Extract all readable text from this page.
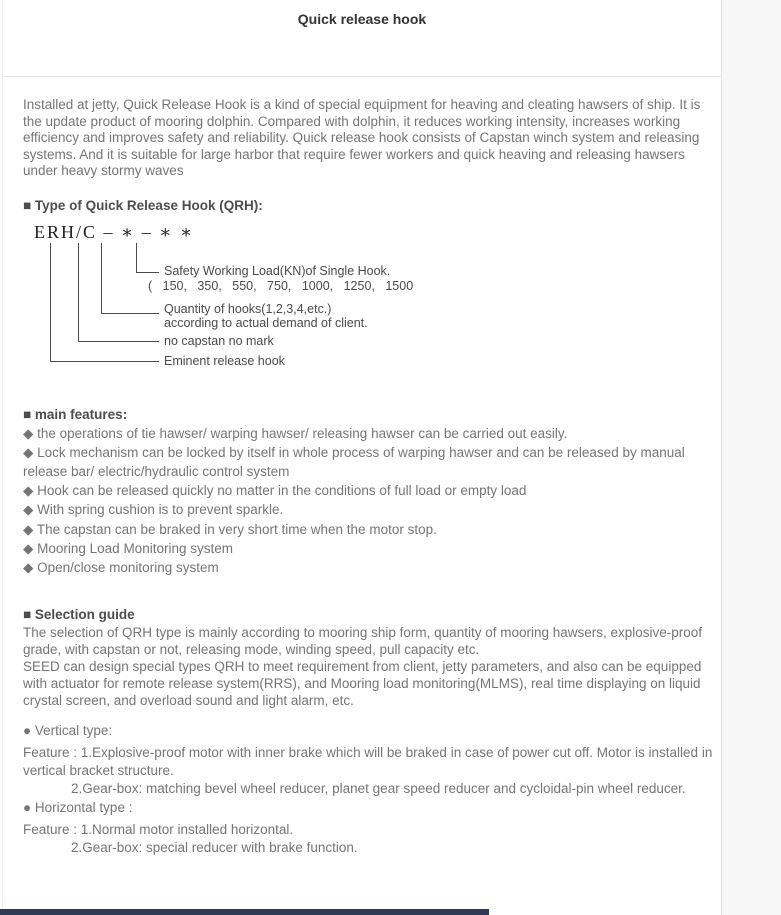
Quick release hook

Installed at jetty, Quick Release Hook is a kind of special equipment for heaving and cleating hawsers of ship. It is the update product of mooring dolphin. Compared with dolphin, it reduces working intensity, increases working efficiency and improves safety and reliability. Quick release hook consists of Capstan winch system and releasing systems. And it is suitable for large harbor that require fewer workers and quick heaving and releasing hawsers under heavy stormy waves

■ Type of Quick Release Hook (QRH):
ERH/C – ∗ – ∗ ∗
Safety Working Load(KN)of Single Hook.
( 150, 350, 550, 750, 1000, 1250, 1500
Quantity of hooks(1,2,3,4,etc.)
according to actual demand of client.
no capstan no mark
Eminent release hook
■ main features:

◆ the operations of tie hawser/ warping hawser/ releasing hawser can be carried out easily.

◆ Lock mechanism can be locked by itself in whole process of warping hawser and can be released by manual release bar/ electric/hydraulic control system

◆ Hook can be released quickly no matter in the conditions of full load or empty load

◆ With spring cushion is to prevent sparkle.

◆ The capstan can be braked in very short time when the motor stop.

◆ Mooring Load Monitoring system

◆ Open/close monitoring system

■ Selection guide

The selection of QRH type is mainly according to mooring ship form, quantity of mooring hawsers, explosive-proof grade, with capstan or not, releasing mode, winding speed, pull capacity etc.

SEED can design special types QRH to meet requirement from client, jetty parameters, and also can be equipped with actuator for remote release system(RRS), and Mooring load monitoring(MLMS), real time displaying on liquid crystal screen, and overload sound and light alarm, etc.

● Vertical type:

Feature : 1.Explosive-proof motor with inner brake which will be braked in case of power cut off. Motor is installed in vertical bracket structure.

2.Gear-box: matching bevel wheel reducer, planet gear speed reducer and cycloidal-pin wheel reducer.

● Horizontal type :

Feature : 1.Normal motor installed horizontal.

2.Gear-box: special reducer with brake function.
